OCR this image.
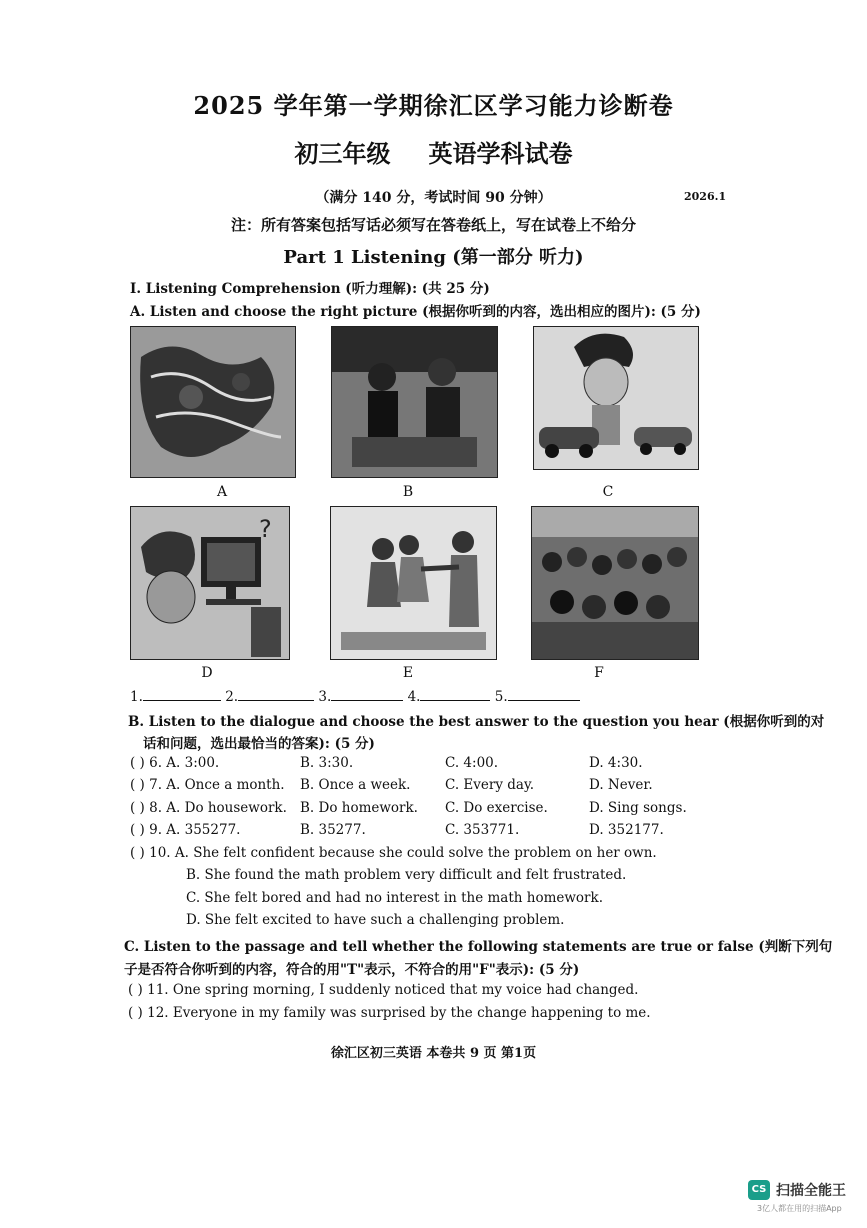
2025 学年第一学期徐汇区学习能力诊断卷
初三年级 英语学科试卷
（满分 140 分，考试时间 90 分钟）	2026.1
注：所有答案包括写话必须写在答卷纸上，写在试卷上不给分
Part 1 Listening (第一部分 听力)
I. Listening Comprehension (听力理解): (共 25 分)
A. Listen and choose the right picture (根据你听到的内容，选出相应的图片): (5 分)
A	B	C
?
D	E	F
1.	2.	3.	4.	5.
B. Listen to the dialogue and choose the best answer to the question you hear (根据你听到的对
话和问题，选出最恰当的答案): (5 分)
( ) 6. A. 3:00.	B. 3:30.	C. 4:00.	D. 4:30.
( ) 7. A. Once a month. B. Once a week.	C. Every day.	D. Never.
( ) 8. A. Do housework. B. Do homework. C. Do exercise.	D. Sing songs.
( ) 9. A. 355277.	B. 35277.	C. 353771.	D. 352177.
( ) 10. A. She felt confident because she could solve the problem on her own.
B. She found the math problem very difficult and felt frustrated.
C. She felt bored and had no interest in the math homework.
D. She felt excited to have such a challenging problem.
C. Listen to the passage and tell whether the following statements are true or false (判断下列句
子是否符合你听到的内容，符合的用"T"表示，不符合的用"F"表示): (5 分)
( ) 11. One spring morning, I suddenly noticed that my voice had changed.
( ) 12. Everyone in my family was surprised by the change happening to me.
徐汇区初三英语 本卷共 9 页 第1页
CS 扫描全能王
3亿人都在用的扫描App
